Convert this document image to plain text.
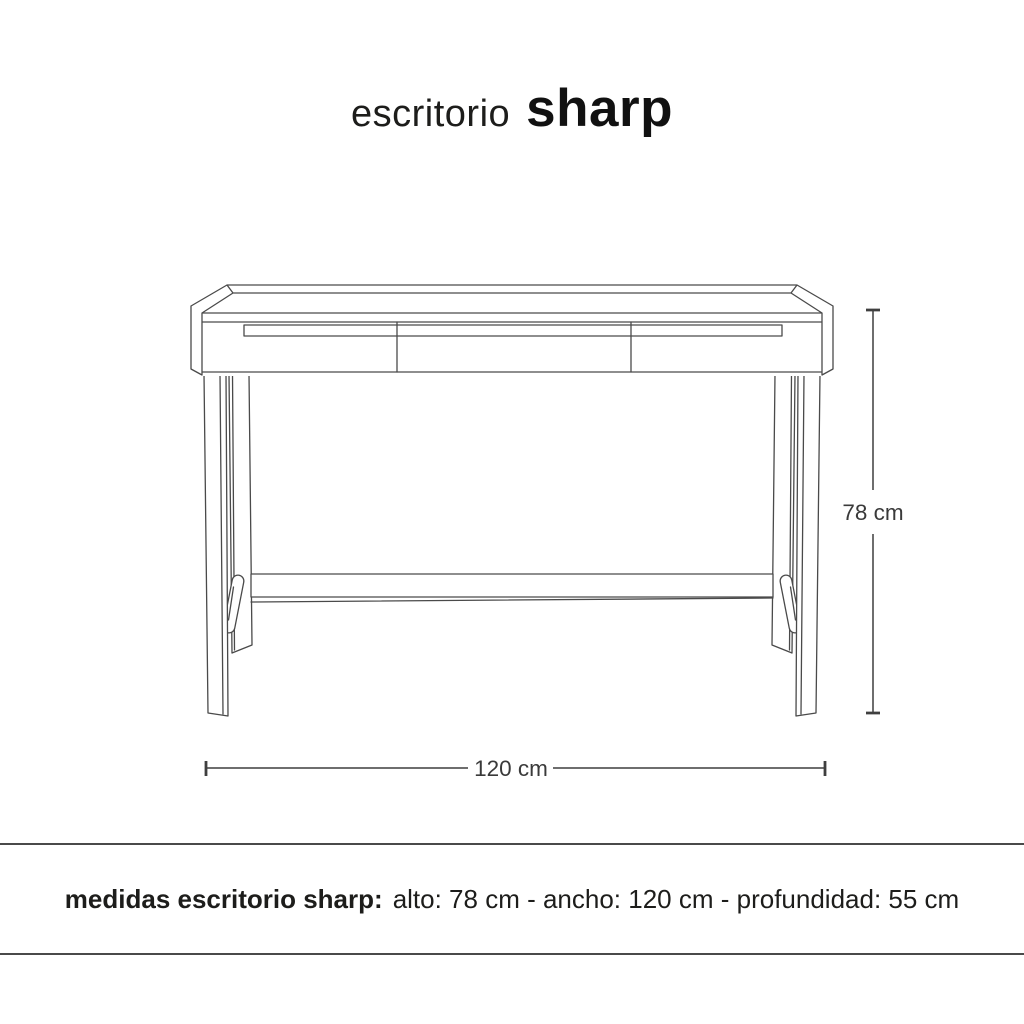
escritorio sharp
78 cm
120 cm
medidas escritorio sharp: alto: 78 cm - ancho: 120 cm - profundidad: 55 cm
